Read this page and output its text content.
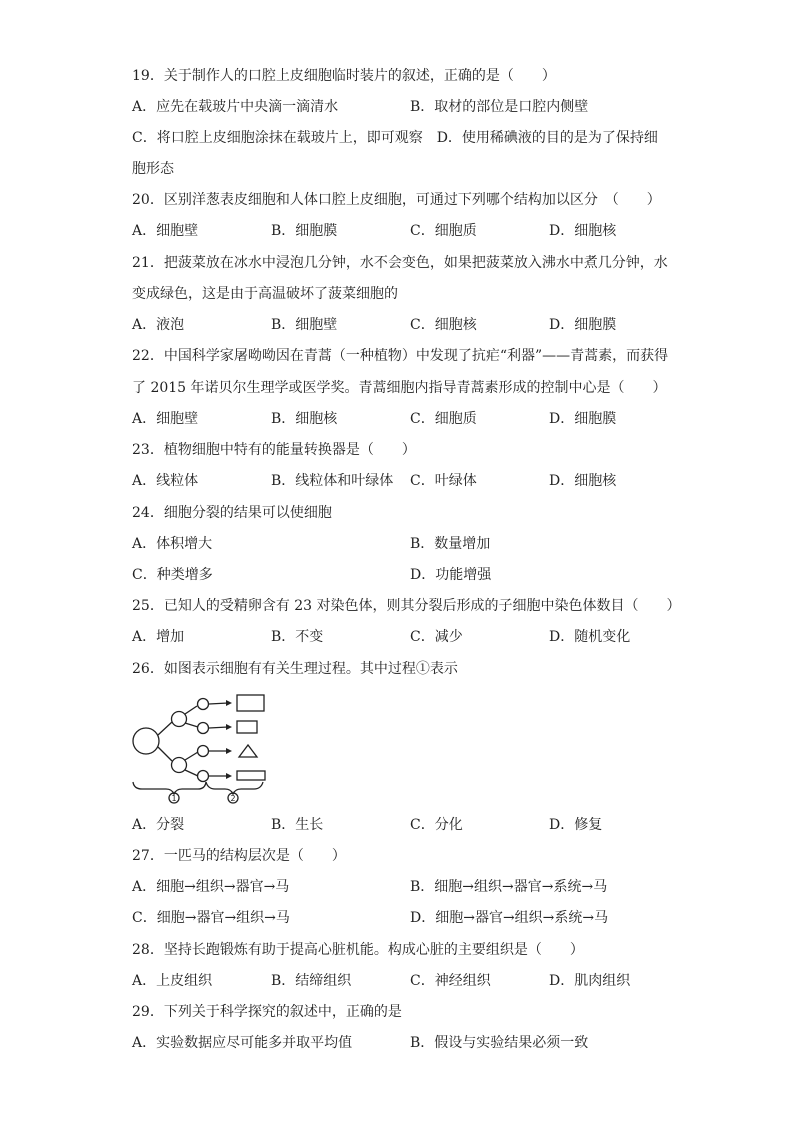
19．关于制作人的口腔上皮细胞临时装片的叙述，正确的是（　　）
A．应先在载玻片中央滴一滴清水	B．取材的部位是口腔内侧壁
C．将口腔上皮细胞涂抹在载玻片上，即可观察　D．使用稀碘液的目的是为了保持细
胞形态
20．区别洋葱表皮细胞和人体口腔上皮细胞，可通过下列哪个结构加以区分　（　　）
A．细胞壁	B．细胞膜	C．细胞质	D．细胞核
21．把菠菜放在冰水中浸泡几分钟，水不会变色，如果把菠菜放入沸水中煮几分钟，水
变成绿色，这是由于高温破坏了菠菜细胞的
A．液泡	B．细胞壁	C．细胞核	D．细胞膜
22．中国科学家屠呦呦因在青蒿（一种植物）中发现了抗疟“利器”——青蒿素，而获得
了 2015 年诺贝尔生理学或医学奖。青蒿细胞内指导青蒿素形成的控制中心是（　　）
A．细胞壁	B．细胞核	C．细胞质	D．细胞膜
23．植物细胞中特有的能量转换器是（　　）
A．线粒体	B．线粒体和叶绿体 C．叶绿体	D．细胞核
24．细胞分裂的结果可以使细胞
A．体积增大	B．数量增加
C．种类增多	D．功能增强
25．已知人的受精卵含有 23 对染色体，则其分裂后形成的子细胞中染色体数目（　　）
A．增加	B．不变	C．减少	D．随机变化
26．如图表示细胞有有关生理过程。其中过程①表示
1	2
A．分裂	B．生长	C．分化	D．修复
27．一匹马的结构层次是（　　）
A．细胞→组织→器官→马	B．细胞→组织→器官→系统→马
C．细胞→器官→组织→马	D．细胞→器官→组织→系统→马
28．坚持长跑锻炼有助于提高心脏机能。构成心脏的主要组织是（　　）
A．上皮组织	B．结缔组织	C．神经组织	D．肌肉组织
29．下列关于科学探究的叙述中，正确的是
A．实验数据应尽可能多并取平均值	B．假设与实验结果必须一致
